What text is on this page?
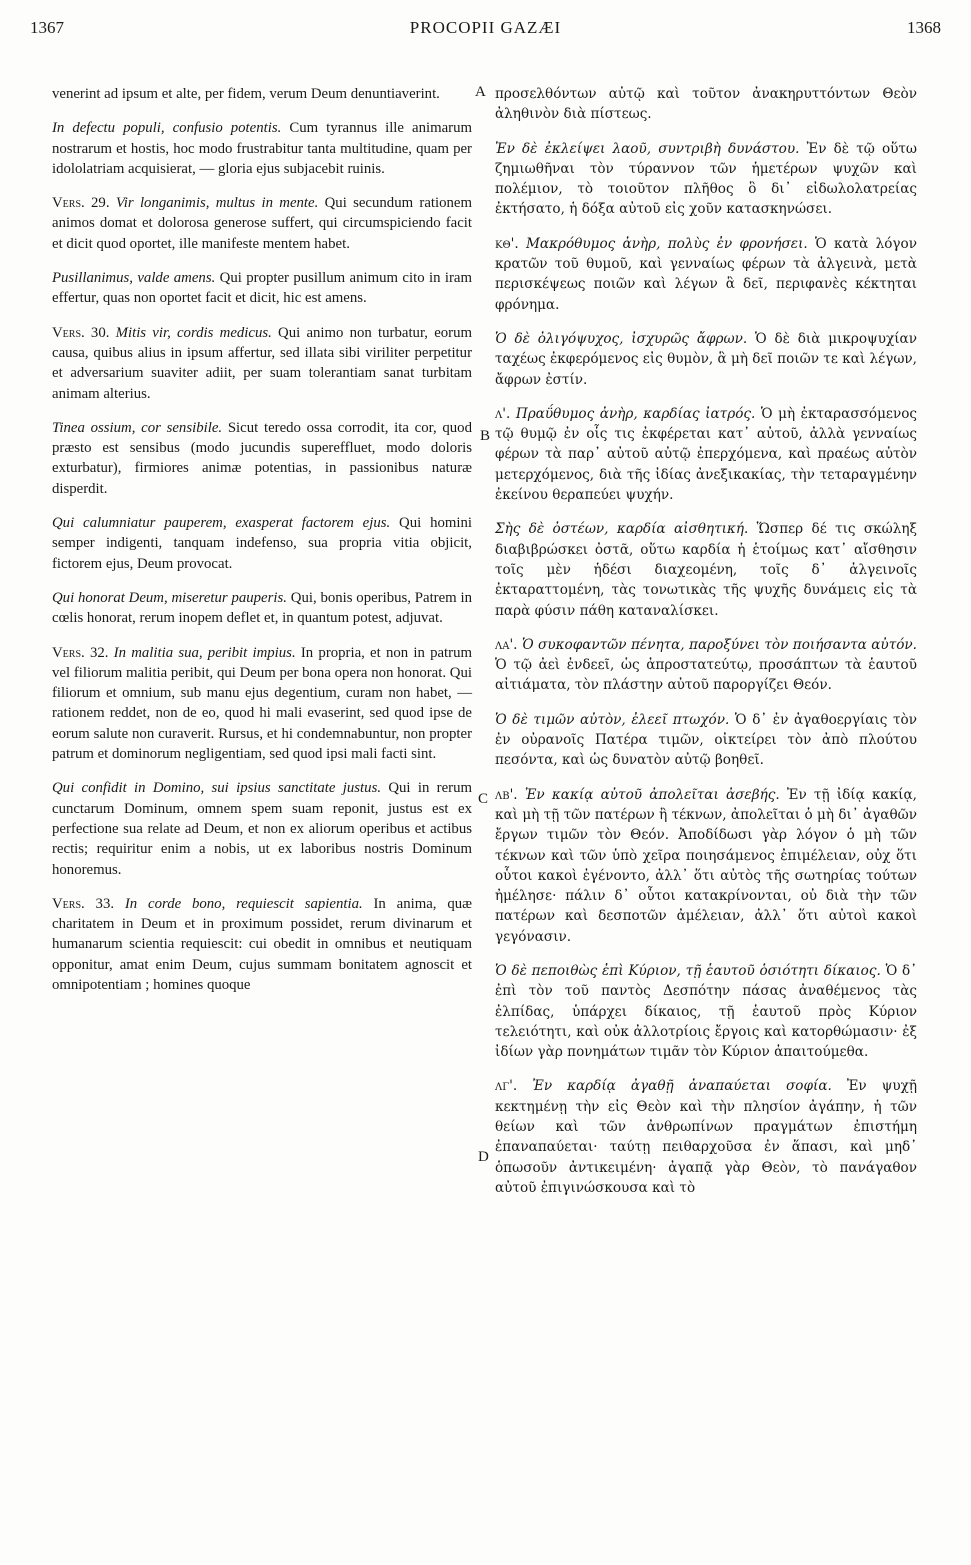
1367	PROCOPII GAZÆI	1368
A
B
C
D

venerint ad ipsum et alte, per fidem, verum Deum denuntiaverint.

In defectu populi, confusio potentis. Cum tyrannus ille animarum nostrarum et hostis, hoc modo frustrabitur tanta multitudine, quam per idololatriam acquisierat, — gloria ejus subjacebit ruinis.

Vers. 29. Vir longanimis, multus in mente. Qui secundum rationem animos domat et dolorosa generose suffert, qui circumspiciendo facit et dicit quod oportet, ille manifeste mentem habet.

Pusillanimus, valde amens. Qui propter pusillum animum cito in iram effertur, quas non oportet facit et dicit, hic est amens.

Vers. 30. Mitis vir, cordis medicus. Qui animo non turbatur, eorum causa, quibus alius in ipsum affertur, sed illata sibi viriliter perpetitur et adversarium suaviter adiit, per suam tolerantiam sanat turbitam animam alterius.

Tinea ossium, cor sensibile. Sicut teredo ossa corrodit, ita cor, quod præsto est sensibus (modo jucundis supereffluet, modo doloris exturbatur), firmiores animæ potentias, in passionibus naturæ disperdit.

Qui calumniatur pauperem, exasperat factorem ejus. Qui homini semper indigenti, tanquam indefenso, sua propria vitia objicit, fictorem ejus, Deum provocat.

Qui honorat Deum, miseretur pauperis. Qui, bonis operibus, Patrem in cœlis honorat, rerum inopem deflet et, in quantum potest, adjuvat.

Vers. 32. In malitia sua, peribit impius. In propria, et non in patrum vel filiorum malitia peribit, qui Deum per bona opera non honorat. Qui filiorum et omnium, sub manu ejus degentium, curam non habet, — rationem reddet, non de eo, quod hi mali evaserint, sed quod ipse de eorum salute non curaverit. Rursus, et hi condemnabuntur, non propter patrum et dominorum negligentiam, sed quod ipsi mali facti sint.

Qui confidit in Domino, sui ipsius sanctitate justus. Qui in rerum cunctarum Dominum, omnem spem suam reponit, justus est ex perfectione sua relate ad Deum, et non ex aliorum operibus et actibus rectis; requiritur enim a nobis, ut ex laboribus nostris Dominum honoremus.

Vers. 33. In corde bono, requiescit sapientia. In anima, quæ charitatem in Deum et in proximum possidet, rerum divinarum et humanarum scientia requiescit: cui obedit in omnibus et neutiquam opponitur, amat enim Deum, cujus summam bonitatem agnoscit et omnipotentiam ; homines quoque

προσελθόντων αὐτῷ καὶ τοῦτον ἀνακηρυττόντων Θεὸν ἀληθινὸν διὰ πίστεως.

Ἐν δὲ ἐκλείψει λαοῦ, συντριβὴ δυνάστου. Ἐν δὲ τῷ οὕτω ζημιωθῆναι τὸν τύραννον τῶν ἡμετέρων ψυχῶν καὶ πολέμιον, τὸ τοιοῦτον πλῆθος ὃ δι᾽ εἰδωλολατρείας ἐκτήσατο, ἡ δόξα αὐτοῦ εἰς χοῦν κατασκηνώσει.

κθ'. Μακρόθυμος ἀνὴρ, πολὺς ἐν φρονήσει. Ὁ κατὰ λόγον κρατῶν τοῦ θυμοῦ, καὶ γενναίως φέρων τὰ ἀλγεινὰ, μετὰ περισκέψεως ποιῶν καὶ λέγων ἃ δεῖ, περιφανὲς κέκτηται φρόνημα.

Ὁ δὲ ὀλιγόψυχος, ἰσχυρῶς ἄφρων. Ὁ δὲ διὰ μικροψυχίαν ταχέως ἐκφερόμενος εἰς θυμὸν, ἃ μὴ δεῖ ποιῶν τε καὶ λέγων, ἄφρων ἐστίν.

λ'. Πραΰθυμος ἀνὴρ, καρδίας ἰατρός. Ὁ μὴ ἐκταρασσόμενος τῷ θυμῷ ἐν οἷς τις ἐκφέρεται κατ᾽ αὐτοῦ, ἀλλὰ γενναίως φέρων τὰ παρ᾽ αὐτοῦ αὐτῷ ἐπερχόμενα, καὶ πραέως αὐτὸν μετερχόμενος, διὰ τῆς ἰδίας ἀνεξικακίας, τὴν τεταραγμένην ἐκείνου θεραπεύει ψυχήν.

Σὴς δὲ ὀστέων, καρδία αἰσθητική. Ὥσπερ δέ τις σκώληξ διαβιβρώσκει ὀστᾶ, οὕτω καρδία ἡ ἑτοίμως κατ᾽ αἴσθησιν τοῖς μὲν ἡδέσι διαχεομένη, τοῖς δ᾽ ἀλγεινοῖς ἐκταραττομένη, τὰς τονωτικὰς τῆς ψυχῆς δυνάμεις εἰς τὰ παρὰ φύσιν πάθη καταναλίσκει.

λα'. Ὁ συκοφαντῶν πένητα, παροξύνει τὸν ποιήσαντα αὐτόν. Ὁ τῷ ἀεὶ ἐνδεεῖ, ὡς ἀπροστατεύτῳ, προσάπτων τὰ ἑαυτοῦ αἰτιάματα, τὸν πλάστην αὐτοῦ παροργίζει Θεόν.

Ὁ δὲ τιμῶν αὐτὸν, ἐλεεῖ πτωχόν. Ὁ δ᾽ ἐν ἀγαθοεργίαις τὸν ἐν οὐρανοῖς Πατέρα τιμῶν, οἰκτείρει τὸν ἀπὸ πλούτου πεσόντα, καὶ ὡς δυνατὸν αὐτῷ βοηθεῖ.

λβ'. Ἐν κακίᾳ αὐτοῦ ἀπολεῖται ἀσεβής. Ἐν τῇ ἰδίᾳ κακίᾳ, καὶ μὴ τῇ τῶν πατέρων ἢ τέκνων, ἀπολεῖται ὁ μὴ δι᾽ ἀγαθῶν ἔργων τιμῶν τὸν Θεόν. Ἀποδίδωσι γὰρ λόγον ὁ μὴ τῶν τέκνων καὶ τῶν ὑπὸ χεῖρα ποιησάμενος ἐπιμέλειαν, οὐχ ὅτι οὗτοι κακοὶ ἐγένοντο, ἀλλ᾽ ὅτι αὐτὸς τῆς σωτηρίας τούτων ἠμέλησε· πάλιν δ᾽ οὗτοι κατακρίνονται, οὐ διὰ τὴν τῶν πατέρων καὶ δεσποτῶν ἀμέλειαν, ἀλλ᾽ ὅτι αὐτοὶ κακοὶ γεγόνασιν.

Ὁ δὲ πεποιθὼς ἐπὶ Κύριον, τῇ ἑαυτοῦ ὁσιότητι δίκαιος. Ὁ δ᾽ ἐπὶ τὸν τοῦ παντὸς Δεσπότην πάσας ἀναθέμενος τὰς ἐλπίδας, ὑπάρχει δίκαιος, τῇ ἑαυτοῦ πρὸς Κύριον τελειότητι, καὶ οὐκ ἀλλοτρίοις ἔργοις καὶ κατορθώμασιν· ἐξ ἰδίων γὰρ πονημάτων τιμᾶν τὸν Κύριον ἀπαιτούμεθα.

λγ'. Ἐν καρδίᾳ ἀγαθῇ ἀναπαύεται σοφία. Ἐν ψυχῇ κεκτημένῃ τὴν εἰς Θεὸν καὶ τὴν πλησίον ἀγάπην, ἡ τῶν θείων καὶ τῶν ἀνθρωπίνων πραγμάτων ἐπιστήμη ἐπαναπαύεται· ταύτῃ πειθαρχοῦσα ἐν ἅπασι, καὶ μηδ᾽ ὁπωσοῦν ἀντικειμένη· ἀγαπᾷ γὰρ Θεὸν, τὸ πανάγαθον αὐτοῦ ἐπιγινώσκουσα καὶ τὸ
